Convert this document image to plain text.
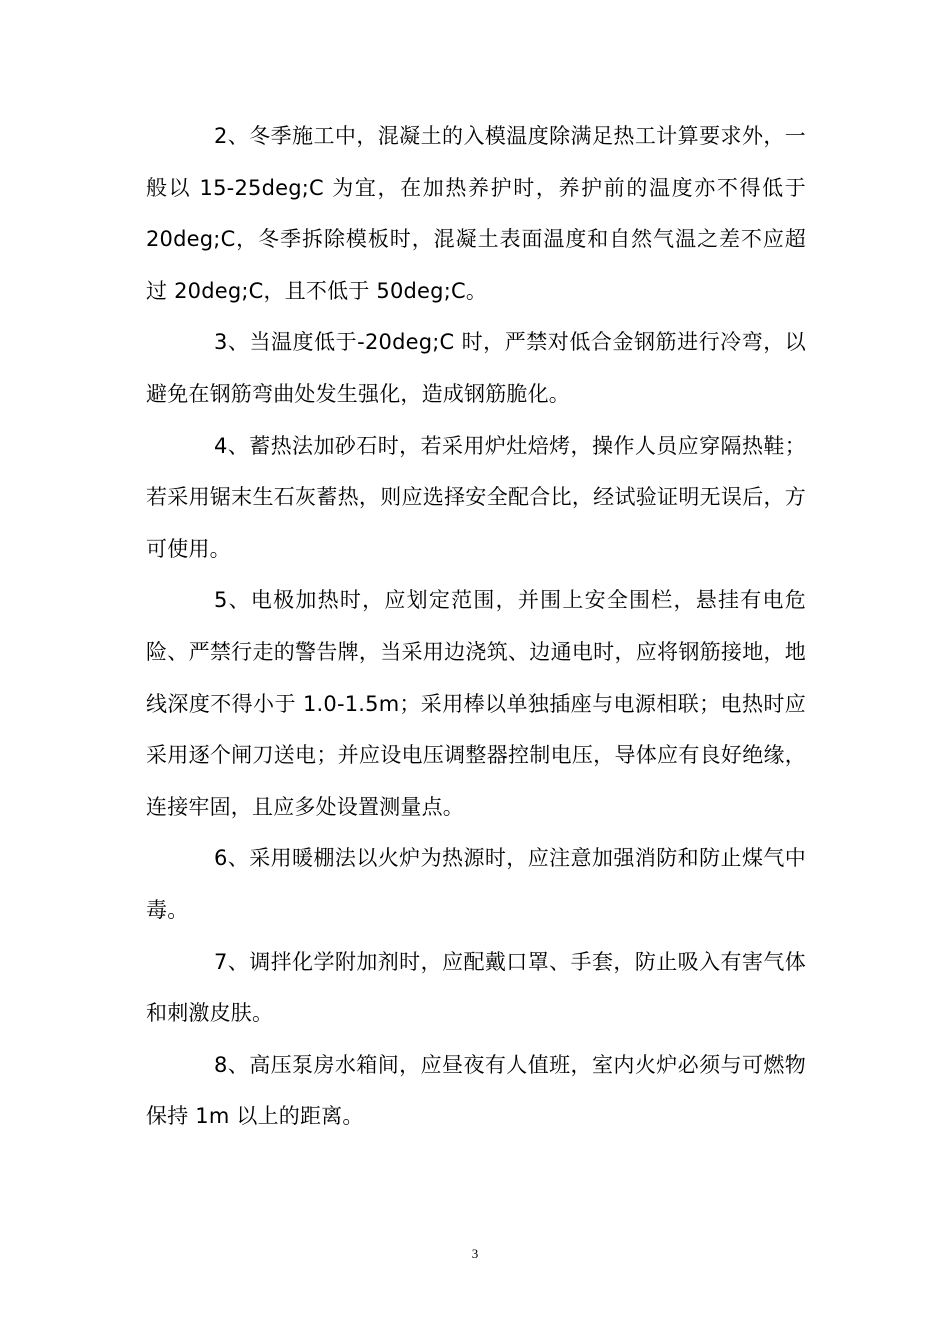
2、冬季施工中，混凝土的入模温度除满足热工计算要求外，一般以 15-25deg;C 为宜，在加热养护时，养护前的温度亦不得低于 20deg;C，冬季拆除模板时，混凝土表面温度和自然气温之差不应超过 20deg;C，且不低于 50deg;C。

3、当温度低于-20deg;C 时，严禁对低合金钢筋进行冷弯，以避免在钢筋弯曲处发生强化，造成钢筋脆化。

4、蓄热法加砂石时，若采用炉灶焙烤，操作人员应穿隔热鞋；若采用锯末生石灰蓄热，则应选择安全配合比，经试验证明无误后，方可使用。

5、电极加热时，应划定范围，并围上安全围栏，悬挂有电危险、严禁行走的警告牌，当采用边浇筑、边通电时，应将钢筋接地，地线深度不得小于 1.0-1.5m；采用棒以单独插座与电源相联；电热时应采用逐个闸刀送电；并应设电压调整器控制电压，导体应有良好绝缘，连接牢固，且应多处设置测量点。

6、采用暖棚法以火炉为热源时，应注意加强消防和防止煤气中毒。

7、调拌化学附加剂时，应配戴口罩、手套，防止吸入有害气体和刺激皮肤。

8、高压泵房水箱间，应昼夜有人值班，室内火炉必须与可燃物保持 1m 以上的距离。

3
